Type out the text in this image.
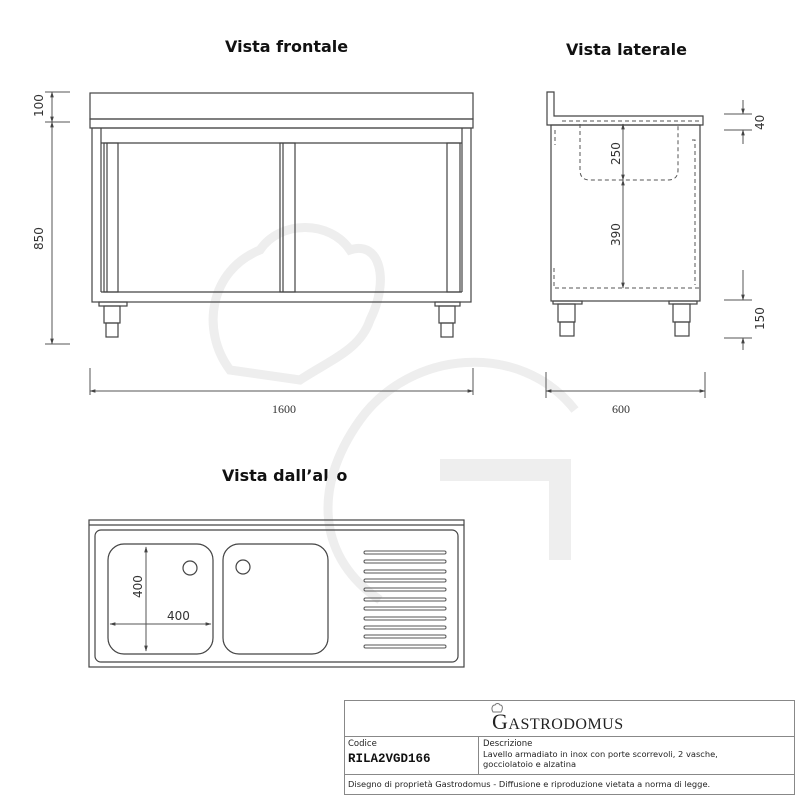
Vista frontale	Vista laterale
Vista dall’alto
100
850
1600
250
390
40
150
600
400
400
GASTRODOMUS
Codice
RILA2VGD166
Descrizione
Lavello armadiato in inox con porte scorrevoli, 2 vasche,
gocciolatoio e alzatina
Disegno di proprietà Gastrodomus - Diffusione e riproduzione vietata a norma di legge.
